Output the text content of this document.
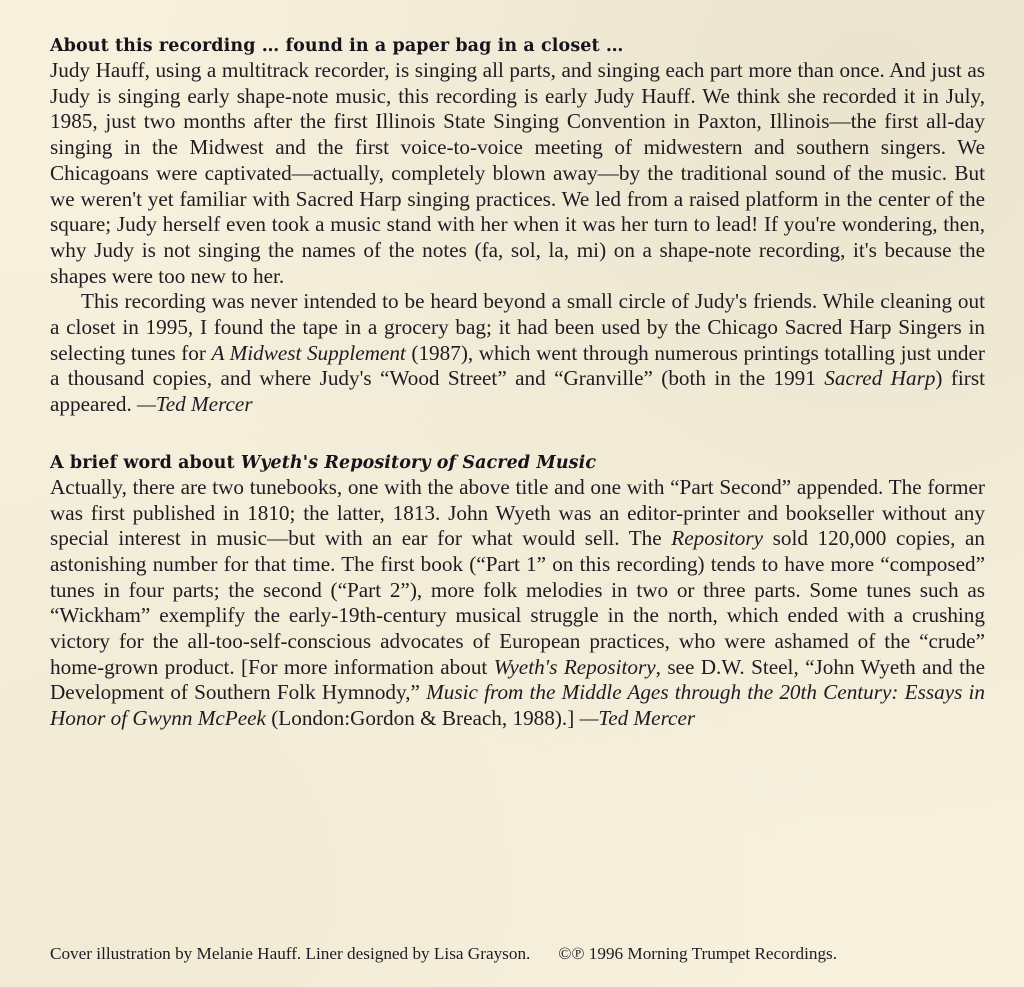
About this recording … found in a paper bag in a closet …

Judy Hauff, using a multitrack recorder, is singing all parts, and singing each part more than once. And just as Judy is singing early shape-note music, this recording is early Judy Hauff. We think she recorded it in July, 1985, just two months after the first Illinois State Singing Convention in Paxton, Illinois—the first all-day singing in the Midwest and the first voice-to-voice meeting of midwestern and southern singers. We Chicagoans were captivated—actually, completely blown away—by the traditional sound of the music. But we weren't yet familiar with Sacred Harp singing practices. We led from a raised platform in the center of the square; Judy herself even took a music stand with her when it was her turn to lead! If you're wondering, then, why Judy is not singing the names of the notes (fa, sol, la, mi) on a shape-note recording, it's because the shapes were too new to her.

This recording was never intended to be heard beyond a small circle of Judy's friends. While cleaning out a closet in 1995, I found the tape in a grocery bag; it had been used by the Chicago Sacred Harp Singers in selecting tunes for A Midwest Supplement (1987), which went through numerous printings totalling just under a thousand copies, and where Judy's “Wood Street” and “Granville” (both in the 1991 Sacred Harp) first appeared. —Ted Mercer

A brief word about Wyeth's Repository of Sacred Music

Actually, there are two tunebooks, one with the above title and one with “Part Second” appended. The former was first published in 1810; the latter, 1813. John Wyeth was an editor-printer and bookseller without any special interest in music—but with an ear for what would sell. The Repository sold 120,000 copies, an astonishing number for that time. The first book (“Part 1” on this recording) tends to have more “composed” tunes in four parts; the second (“Part 2”), more folk melodies in two or three parts. Some tunes such as “Wickham” exemplify the early-19th-century musical struggle in the north, which ended with a crushing victory for the all-too-self-conscious advocates of European practices, who were ashamed of the “crude” home-grown product. [For more information about Wyeth's Repository, see D.W. Steel, “John Wyeth and the Development of Southern Folk Hymnody,” Music from the Middle Ages through the 20th Century: Essays in Honor of Gwynn McPeek (London:Gordon & Breach, 1988).] —Ted Mercer

Cover illustration by Melanie Hauff. Liner designed by Lisa Grayson. ©℗ 1996 Morning Trumpet Recordings.
